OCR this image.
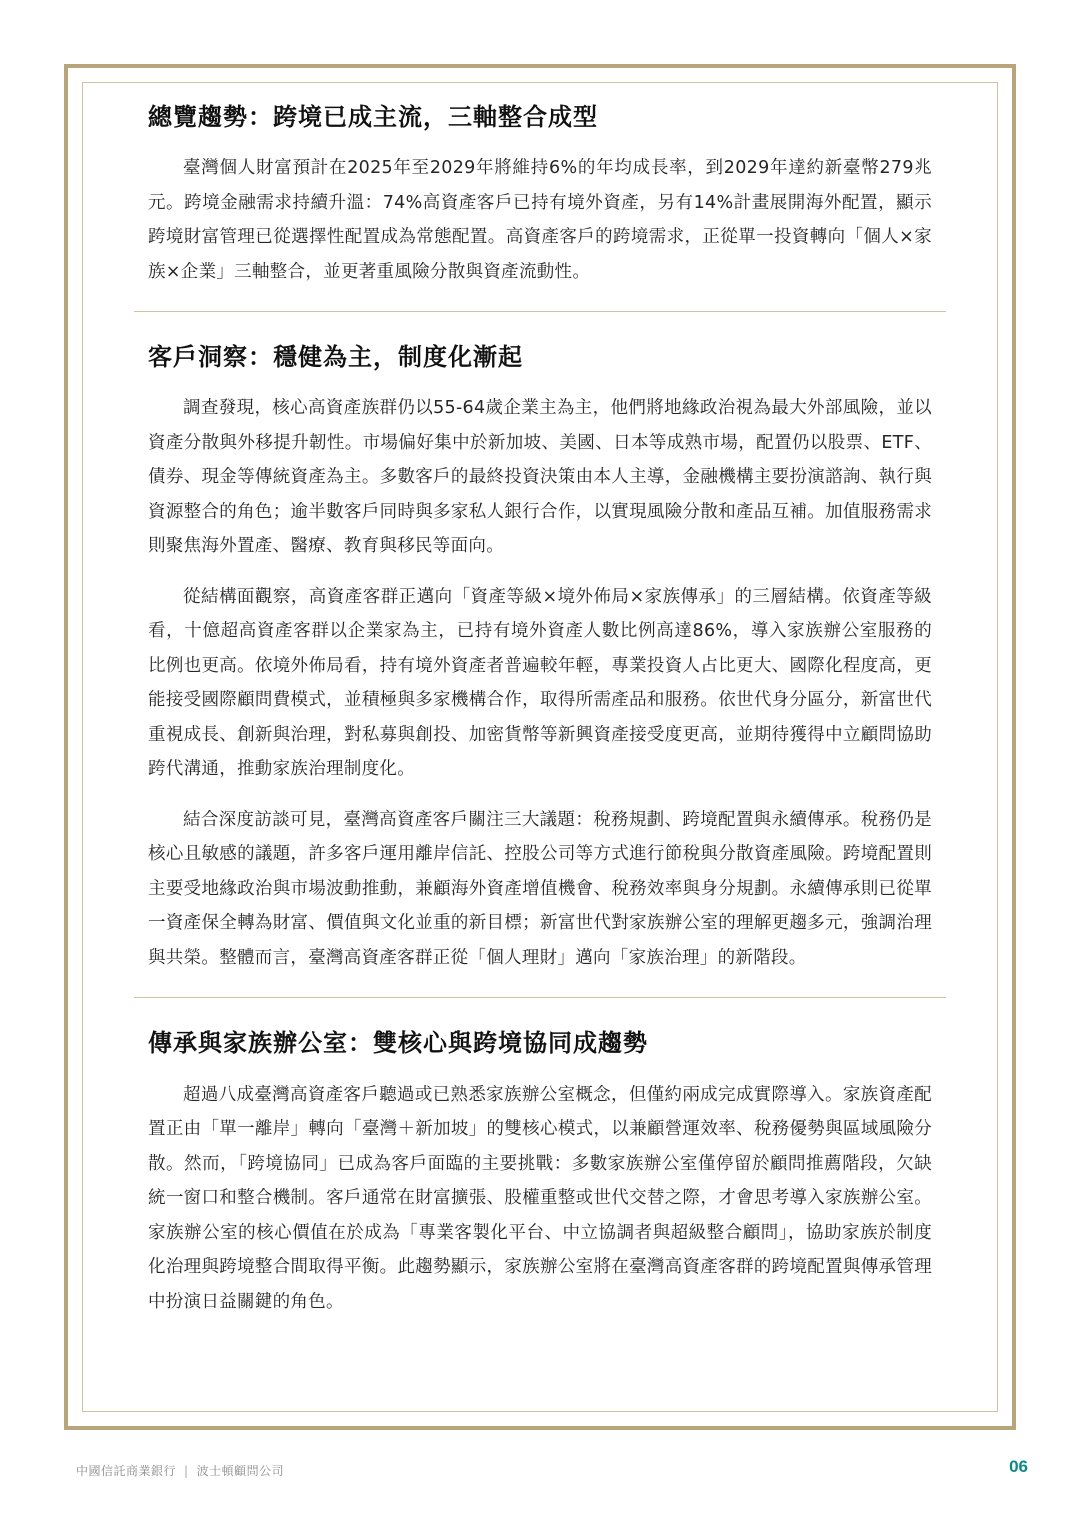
總覽趨勢：跨境已成主流，三軸整合成型

臺灣個人財富預計在2025年至2029年將維持6%的年均成長率，到2029年達約新臺幣279兆元。跨境金融需求持續升溫：74%高資產客戶已持有境外資產，另有14%計畫展開海外配置，顯示跨境財富管理已從選擇性配置成為常態配置。高資產客戶的跨境需求，正從單一投資轉向「個人×家族×企業」三軸整合，並更著重風險分散與資產流動性。

客戶洞察：穩健為主，制度化漸起

調查發現，核心高資產族群仍以55-64歲企業主為主，他們將地緣政治視為最大外部風險，並以資產分散與外移提升韌性。市場偏好集中於新加坡、美國、日本等成熟市場，配置仍以股票、ETF、債券、現金等傳統資產為主。多數客戶的最終投資決策由本人主導，金融機構主要扮演諮詢、執行與資源整合的角色；逾半數客戶同時與多家私人銀行合作，以實現風險分散和產品互補。加值服務需求則聚焦海外置產、醫療、教育與移民等面向。

從結構面觀察，高資產客群正邁向「資產等級×境外佈局×家族傳承」的三層結構。依資產等級看，十億超高資產客群以企業家為主，已持有境外資產人數比例高達86%，導入家族辦公室服務的比例也更高。依境外佈局看，持有境外資產者普遍較年輕，專業投資人占比更大、國際化程度高，更能接受國際顧問費模式，並積極與多家機構合作，取得所需產品和服務。依世代身分區分，新富世代重視成長、創新與治理，對私募與創投、加密貨幣等新興資產接受度更高，並期待獲得中立顧問協助跨代溝通，推動家族治理制度化。

結合深度訪談可見，臺灣高資產客戶關注三大議題：稅務規劃、跨境配置與永續傳承。稅務仍是核心且敏感的議題，許多客戶運用離岸信託、控股公司等方式進行節稅與分散資產風險。跨境配置則主要受地緣政治與市場波動推動，兼顧海外資產增值機會、稅務效率與身分規劃。永續傳承則已從單一資產保全轉為財富、價值與文化並重的新目標；新富世代對家族辦公室的理解更趨多元，強調治理與共榮。整體而言，臺灣高資產客群正從「個人理財」邁向「家族治理」的新階段。

傳承與家族辦公室：雙核心與跨境協同成趨勢

超過八成臺灣高資產客戶聽過或已熟悉家族辦公室概念，但僅約兩成完成實際導入。家族資產配置正由「單一離岸」轉向「臺灣＋新加坡」的雙核心模式，以兼顧營運效率、稅務優勢與區域風險分散。然而，「跨境協同」已成為客戶面臨的主要挑戰：多數家族辦公室僅停留於顧問推薦階段，欠缺統一窗口和整合機制。客戶通常在財富擴張、股權重整或世代交替之際，才會思考導入家族辦公室。家族辦公室的核心價值在於成為「專業客製化平台、中立協調者與超級整合顧問」，協助家族於制度化治理與跨境整合間取得平衡。此趨勢顯示，家族辦公室將在臺灣高資產客群的跨境配置與傳承管理中扮演日益關鍵的角色。

中國信託商業銀行 | 波士頓顧問公司	06
